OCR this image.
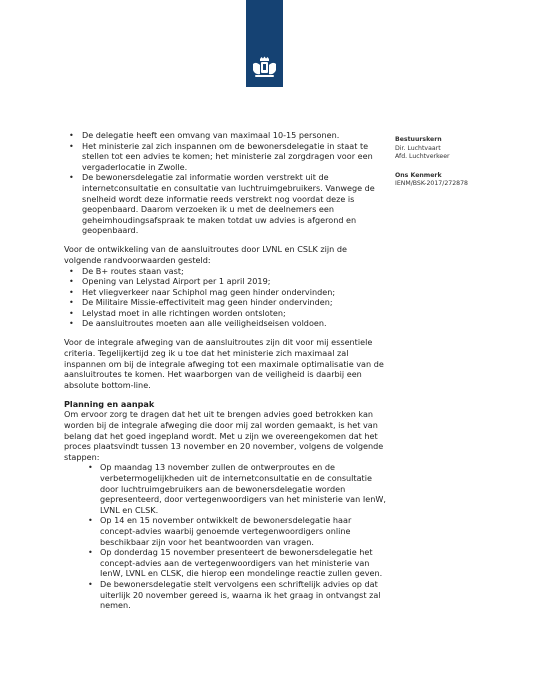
Bestuurskern
Dir. Luchtvaart
Afd. Luchtverkeer
Ons Kenmerk
IENM/BSK-2017/272878
• De delegatie heeft een omvang van maximaal 10-15 personen.
• Het ministerie zal zich inspannen om de bewonersdelegatie in staat te stellen tot een advies te komen; het ministerie zal zorgdragen voor een vergaderlocatie in Zwolle.
• De bewonersdelegatie zal informatie worden verstrekt uit de internetconsultatie en consultatie van luchtruimgebruikers. Vanwege de snelheid wordt deze informatie reeds verstrekt nog voordat deze is geopenbaard. Daarom verzoeken ik u met de deelnemers een geheimhoudingsafspraak te maken totdat uw advies is afgerond en geopenbaard.
Voor de ontwikkeling van de aansluitroutes door LVNL en CSLK zijn de volgende randvoorwaarden gesteld:
• De B+ routes staan vast;
• Opening van Lelystad Airport per 1 april 2019;
• Het vliegverkeer naar Schiphol mag geen hinder ondervinden;
• De Militaire Missie-effectiviteit mag geen hinder ondervinden;
• Lelystad moet in alle richtingen worden ontsloten;
• De aansluitroutes moeten aan alle veiligheidseisen voldoen.
Voor de integrale afweging van de aansluitroutes zijn dit voor mij essentiele criteria. Tegelijkertijd zeg ik u toe dat het ministerie zich maximaal zal inspannen om bij de integrale afweging tot een maximale optimalisatie van de aansluitroutes te komen. Het waarborgen van de veiligheid is daarbij een absolute bottom-line.
Planning en aanpak
Om ervoor zorg te dragen dat het uit te brengen advies goed betrokken kan worden bij de integrale afweging die door mij zal worden gemaakt, is het van belang dat het goed ingepland wordt. Met u zijn we overeengekomen dat het proces plaatsvindt tussen 13 november en 20 november, volgens de volgende stappen:
• Op maandag 13 november zullen de ontwerproutes en de verbetermogelijkheden uit de internetconsultatie en de consultatie door luchtruimgebruikers aan de bewonersdelegatie worden gepresenteerd, door vertegenwoordigers van het ministerie van IenW, LVNL en CLSK.
• Op 14 en 15 november ontwikkelt de bewonersdelegatie haar concept-advies waarbij genoemde vertegenwoordigers online beschikbaar zijn voor het beantwoorden van vragen.
• Op donderdag 15 november presenteert de bewonersdelegatie het concept-advies aan de vertegenwoordigers van het ministerie van IenW, LVNL en CLSK, die hierop een mondelinge reactie zullen geven.
• De bewonersdelegatie stelt vervolgens een schriftelijk advies op dat uiterlijk 20 november gereed is, waarna ik het graag in ontvangst zal nemen.
